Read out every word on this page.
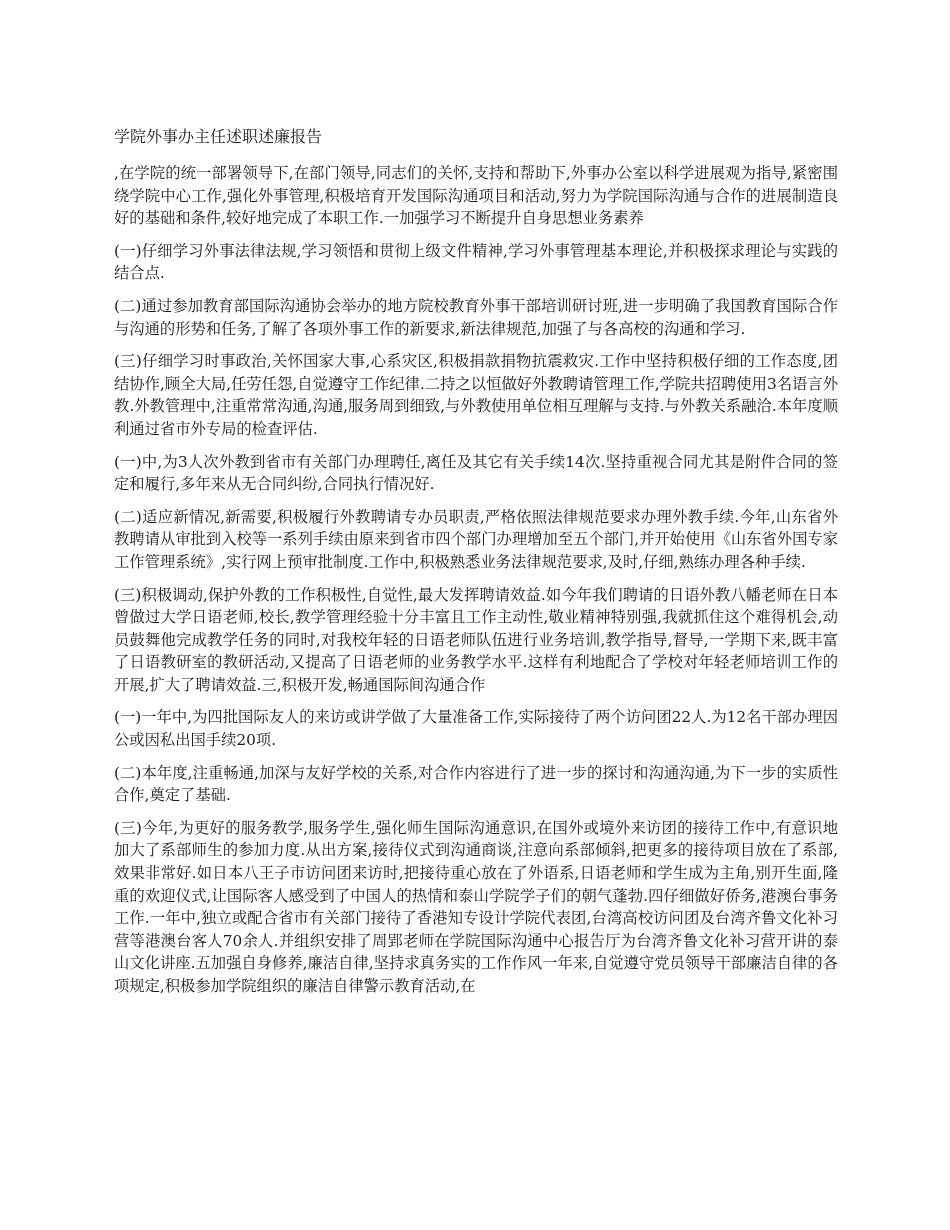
学院外事办主任述职述廉报告

,在学院的统一部署领导下,在部门领导,同志们的关怀,支持和帮助下,外事办公室以科学进展观为指导,紧密围绕学院中心工作,强化外事管理,积极培育开发国际沟通项目和活动,努力为学院国际沟通与合作的进展制造良好的基础和条件,较好地完成了本职工作.一加强学习不断提升自身思想业务素养

(一)仔细学习外事法律法规,学习领悟和贯彻上级文件精神,学习外事管理基本理论,并积极探求理论与实践的结合点.

(二)通过参加教育部国际沟通协会举办的地方院校教育外事干部培训研讨班,进一步明确了我国教育国际合作与沟通的形势和任务,了解了各项外事工作的新要求,新法律规范,加强了与各高校的沟通和学习.

(三)仔细学习时事政治,关怀国家大事,心系灾区,积极捐款捐物抗震救灾.工作中坚持积极仔细的工作态度,团结协作,顾全大局,任劳任怨,自觉遵守工作纪律.二持之以恒做好外教聘请管理工作,学院共招聘使用3名语言外教.外教管理中,注重常常沟通,沟通,服务周到细致,与外教使用单位相互理解与支持.与外教关系融洽.本年度顺利通过省市外专局的检查评估.

(一)中,为3人次外教到省市有关部门办理聘任,离任及其它有关手续14次.坚持重视合同尤其是附件合同的签定和履行,多年来从无合同纠纷,合同执行情况好.

(二)适应新情况,新需要,积极履行外教聘请专办员职责,严格依照法律规范要求办理外教手续.今年,山东省外教聘请从审批到入校等一系列手续由原来到省市四个部门办理增加至五个部门,并开始使用《山东省外国专家工作管理系统》,实行网上预审批制度.工作中,积极熟悉业务法律规范要求,及时,仔细,熟练办理各种手续.

(三)积极调动,保护外教的工作积极性,自觉性,最大发挥聘请效益.如今年我们聘请的日语外教八幡老师在日本曾做过大学日语老师,校长,教学管理经验十分丰富且工作主动性,敬业精神特别强,我就抓住这个难得机会,动员鼓舞他完成教学任务的同时,对我校年轻的日语老师队伍进行业务培训,教学指导,督导,一学期下来,既丰富了日语教研室的教研活动,又提高了日语老师的业务教学水平.这样有利地配合了学校对年轻老师培训工作的开展,扩大了聘请效益.三,积极开发,畅通国际间沟通合作

(一)一年中,为四批国际友人的来访或讲学做了大量准备工作,实际接待了两个访问团22人.为12名干部办理因公或因私出国手续20项.

(二)本年度,注重畅通,加深与友好学校的关系,对合作内容进行了进一步的探讨和沟通沟通,为下一步的实质性合作,奠定了基础.

(三)今年,为更好的服务教学,服务学生,强化师生国际沟通意识,在国外或境外来访团的接待工作中,有意识地加大了系部师生的参加力度.从出方案,接待仪式到沟通商谈,注意向系部倾斜,把更多的接待项目放在了系部,效果非常好.如日本八王子市访问团来访时,把接待重心放在了外语系,日语老师和学生成为主角,别开生面,隆重的欢迎仪式,让国际客人感受到了中国人的热情和泰山学院学子们的朝气蓬勃.四仔细做好侨务,港澳台事务工作.一年中,独立或配合省市有关部门接待了香港知专设计学院代表团,台湾高校访问团及台湾齐鲁文化补习营等港澳台客人70余人.并组织安排了周郢老师在学院国际沟通中心报告厅为台湾齐鲁文化补习营开讲的泰山文化讲座.五加强自身修养,廉洁自律,坚持求真务实的工作作风一年来,自觉遵守党员领导干部廉洁自律的各项规定,积极参加学院组织的廉洁自律警示教育活动,在
